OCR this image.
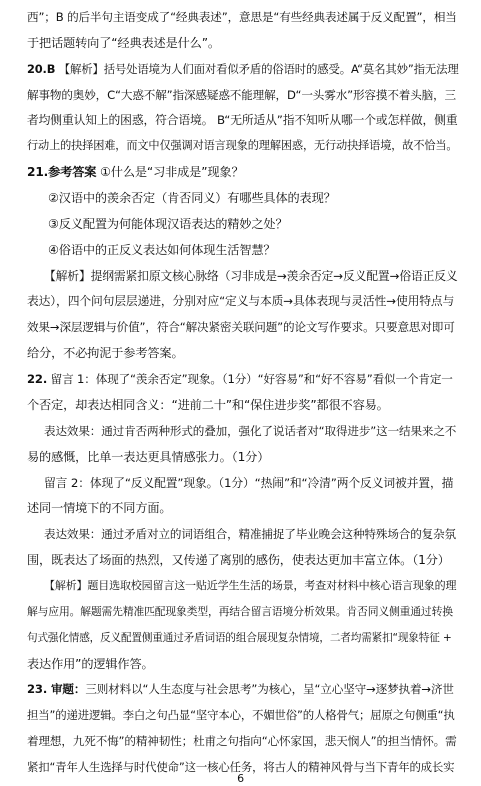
西”；B 的后半句主语变成了“经典表述”，意思是“有些经典表述属于反义配置”，相当
于把话题转向了“经典表述是什么”。
20.B 【解析】括号处语境为人们面对看似矛盾的俗语时的感受。A“莫名其妙”指无法理
解事物的奥妙，C“大惑不解”指深感疑惑不能理解，D“一头雾水”形容摸不着头脑，三
者均侧重认知上的困惑，符合语境。 B“无所适从”指不知听从哪一个或怎样做，侧重
行动上的抉择困难，而文中仅强调对语言现象的理解困惑，无行动抉择语境，故不恰当。
21.参考答案 ①什么是“习非成是”现象？
②汉语中的羡余否定（肯否同义）有哪些具体的表现？
③反义配置为何能体现汉语表达的精妙之处？
④俗语中的正反义表达如何体现生活智慧？
【解析】提纲需紧扣原文核心脉络（习非成是→羡余否定→反义配置→俗语正反义
表达），四个问句层层递进，分别对应“定义与本质→具体表现与灵活性→使用特点与
效果→深层逻辑与价值”，符合“解决紧密关联问题”的论文写作要求。只要意思对即可
给分，不必拘泥于参考答案。
22. 留言 1：体现了“羡余否定”现象。（1分）“好容易”和“好不容易”看似一个肯定一
个否定，却表达相同含义：“进前二十”和“保住进步奖”都很不容易。
表达效果：通过肯否两种形式的叠加，强化了说话者对“取得进步”这一结果来之不
易的感慨，比单一表达更具情感张力。（1分）
留言 2：体现了“反义配置”现象。（1分）“热闹”和“冷清”两个反义词被并置，描
述同一情境下的不同方面。
表达效果：通过矛盾对立的词语组合，精准捕捉了毕业晚会这种特殊场合的复杂氛
围，既表达了场面的热烈，又传递了离别的感伤，使表达更加丰富立体。（1分）
【解析】题目选取校园留言这一贴近学生生活的场景，考查对材料中核心语言现象的理
解与应用。解题需先精准匹配现象类型，再结合留言语境分析效果。肯否同义侧重通过转换
句式强化情感，反义配置侧重通过矛盾词语的组合展现复杂情境，二者均需紧扣“现象特征 +
表达作用”的逻辑作答。
23. 审题：三则材料以“人生态度与社会思考”为核心，呈“立心坚守→逐梦执着→济世
担当”的递进逻辑。李白之句凸显“坚守本心，不媚世俗”的人格骨气；屈原之句侧重“执
着理想，九死不悔”的精神韧性；杜甫之句指向“心怀家国，悲天悯人”的担当情怀。需
紧扣“青年人生选择与时代使命”这一核心任务，将古人的精神风骨与当下青年的成长实
6
